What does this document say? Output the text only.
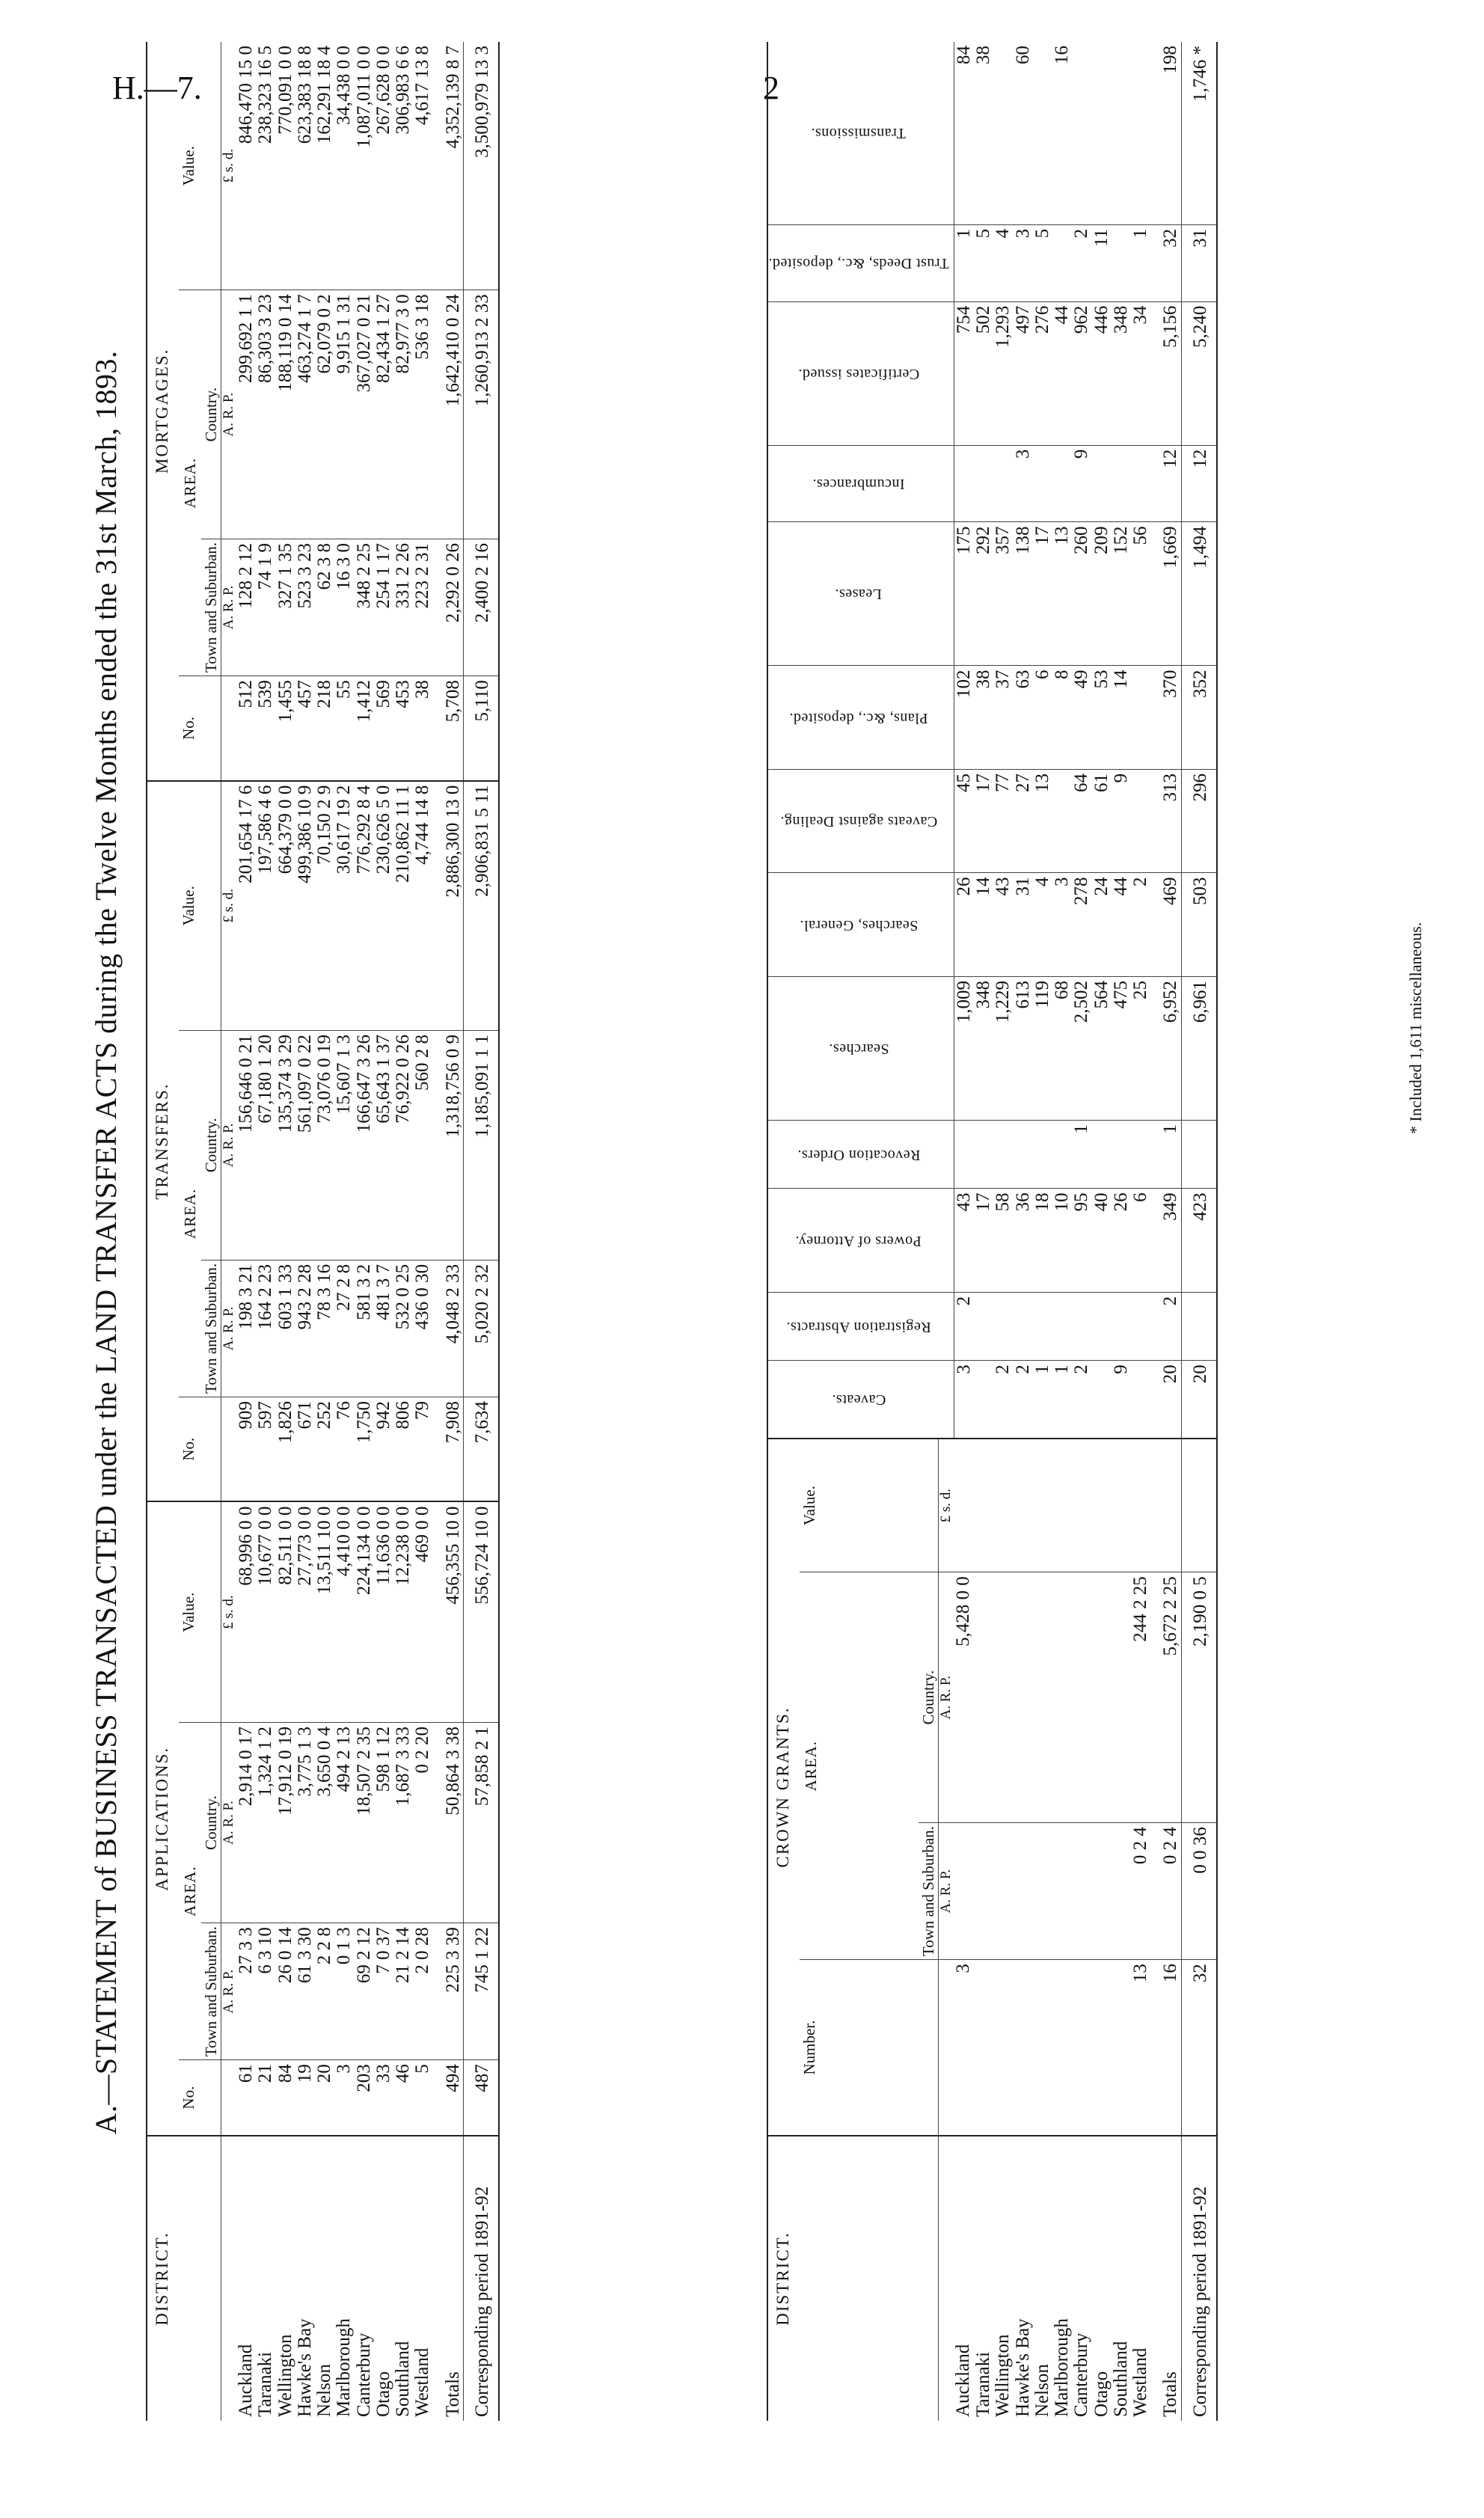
H.—7.	2
A.—STATEMENT of BUSINESS TRANSACTED under the LAND TRANSFER ACTS during the Twelve Months ended the 31st March, 1893.
DISTRICT.	APPLICATIONS.				TRANSFERS.				MORTGAGES.			
	No.	AREA.		Value.	No.	AREA.		Value.	No.	AREA.		Value.
		Town and Suburban.	Country.			Town and Suburban.	Country.			Town and Suburban.	Country.	
		A. R. P.	A. R. P.	£ s. d.		A. R. P.	A. R. P.	£ s. d.		A. R. P.	A. R. P.	£ s. d.
Auckland	61	27 3 3	2,914 0 17	68,996 0 0	909	198 3 21	156,646 0 21	201,654 17 6	512	128 2 12	299,692 1 1	846,470 15 0
Taranaki	21	6 3 10	1,324 1 2	10,677 0 0	597	164 2 23	67,180 1 20	197,586 4 6	539	74 1 9	86,303 3 23	238,323 16 5
Wellington	84	26 0 14	17,912 0 19	82,511 0 0	1,826	603 1 33	135,374 3 29	664,379 0 0	1,455	327 1 35	188,119 0 14	770,091 0 0
Hawke's Bay	19	61 3 30	3,775 1 3	27,773 0 0	671	943 2 28	561,097 0 22	499,386 10 9	457	523 3 23	463,274 1 7	623,383 18 8
Nelson	20	2 2 8	3,650 0 4	13,511 10 0	252	78 3 16	73,076 0 19	70,150 2 9	218	62 3 8	62,079 0 2	162,291 18 4
Marlborough	3	0 1 3	494 2 13	4,410 0 0	76	27 2 8	15,607 1 3	30,617 19 2	55	16 3 0	9,915 1 31	34,438 0 0
Canterbury	203	69 2 12	18,507 2 35	224,134 0 0	1,750	581 3 2	166,647 3 26	776,292 8 4	1,412	348 2 25	367,027 0 21	1,087,011 0 0
Otago	33	7 0 37	598 1 12	11,636 0 0	942	481 3 7	65,643 1 37	230,626 5 0	569	254 1 17	82,434 1 27	267,628 0 0
Southland	46	21 2 14	1,687 3 33	12,238 0 0	806	532 0 25	76,922 0 26	210,862 11 1	453	331 2 26	82,977 3 0	306,983 6 6
Westland	5	2 0 28	0 2 20	469 0 0	79	436 0 30	560 2 8	4,744 14 8	38	223 2 31	536 3 18	4,617 13 8
Totals	494	225 3 39	50,864 3 38	456,355 10 0	7,908	4,048 2 33	1,318,756 0 9	2,886,300 13 0	5,708	2,292 0 26	1,642,410 0 24	4,352,139 8 7
Corresponding period 1891-92	487	745 1 22	57,858 2 1	556,724 10 0	7,634	5,020 2 32	1,185,091 1 1	2,906,831 5 11	5,110	2,400 2 16	1,260,913 2 33	3,500,979 13 3
DISTRICT.	CROWN GRANTS.				Caveats.	Registration Abstracts.	Powers of Attorney.	Revocation Orders.	Searches.	Searches, General.	Caveats against Dealing.	Plans, &c., deposited.	Leases.	Incumbrances.	Certificates issued.	Trust Deeds, &c., deposited.	Transmissions.
	Number.	AREA.		Value.													
		Town and Suburban.	Country.														
		A. R. P.	A. R. P.	£ s. d.													
Auckland	3		5,428 0 0		3	2	43		1,009	26	45	102	175		754	1	84
Taranaki							17		348	14	17	38	292		502	5	38
Wellington					2		58		1,229	43	77	37	357		1,293	4	
Hawke's Bay					2		36		613	31	27	63	138	3	497	3	60
Nelson					1		18		119	4	13	6	17		276	5	
Marlborough					1		10		68	3		8	13		44		16
Canterbury					2		95	1	2,502	278	64	49	260	9	962	2	
Otago							40		564	24	61	53	209		446	11	
Southland					9		26		475	44	9	14	152		348		
Westland	13	0 2 4	244 2 25				6		25	2			56		34	1	
Totals	16	0 2 4	5,672 2 25		20	2	349	1	6,952	469	313	370	1,669	12	5,156	32	198
Corresponding period 1891-92	32	0 0 36	2,190 0 5		20		423		6,961	503	296	352	1,494	12	5,240	31	1,746 *
* Included 1,611 miscellaneous.
